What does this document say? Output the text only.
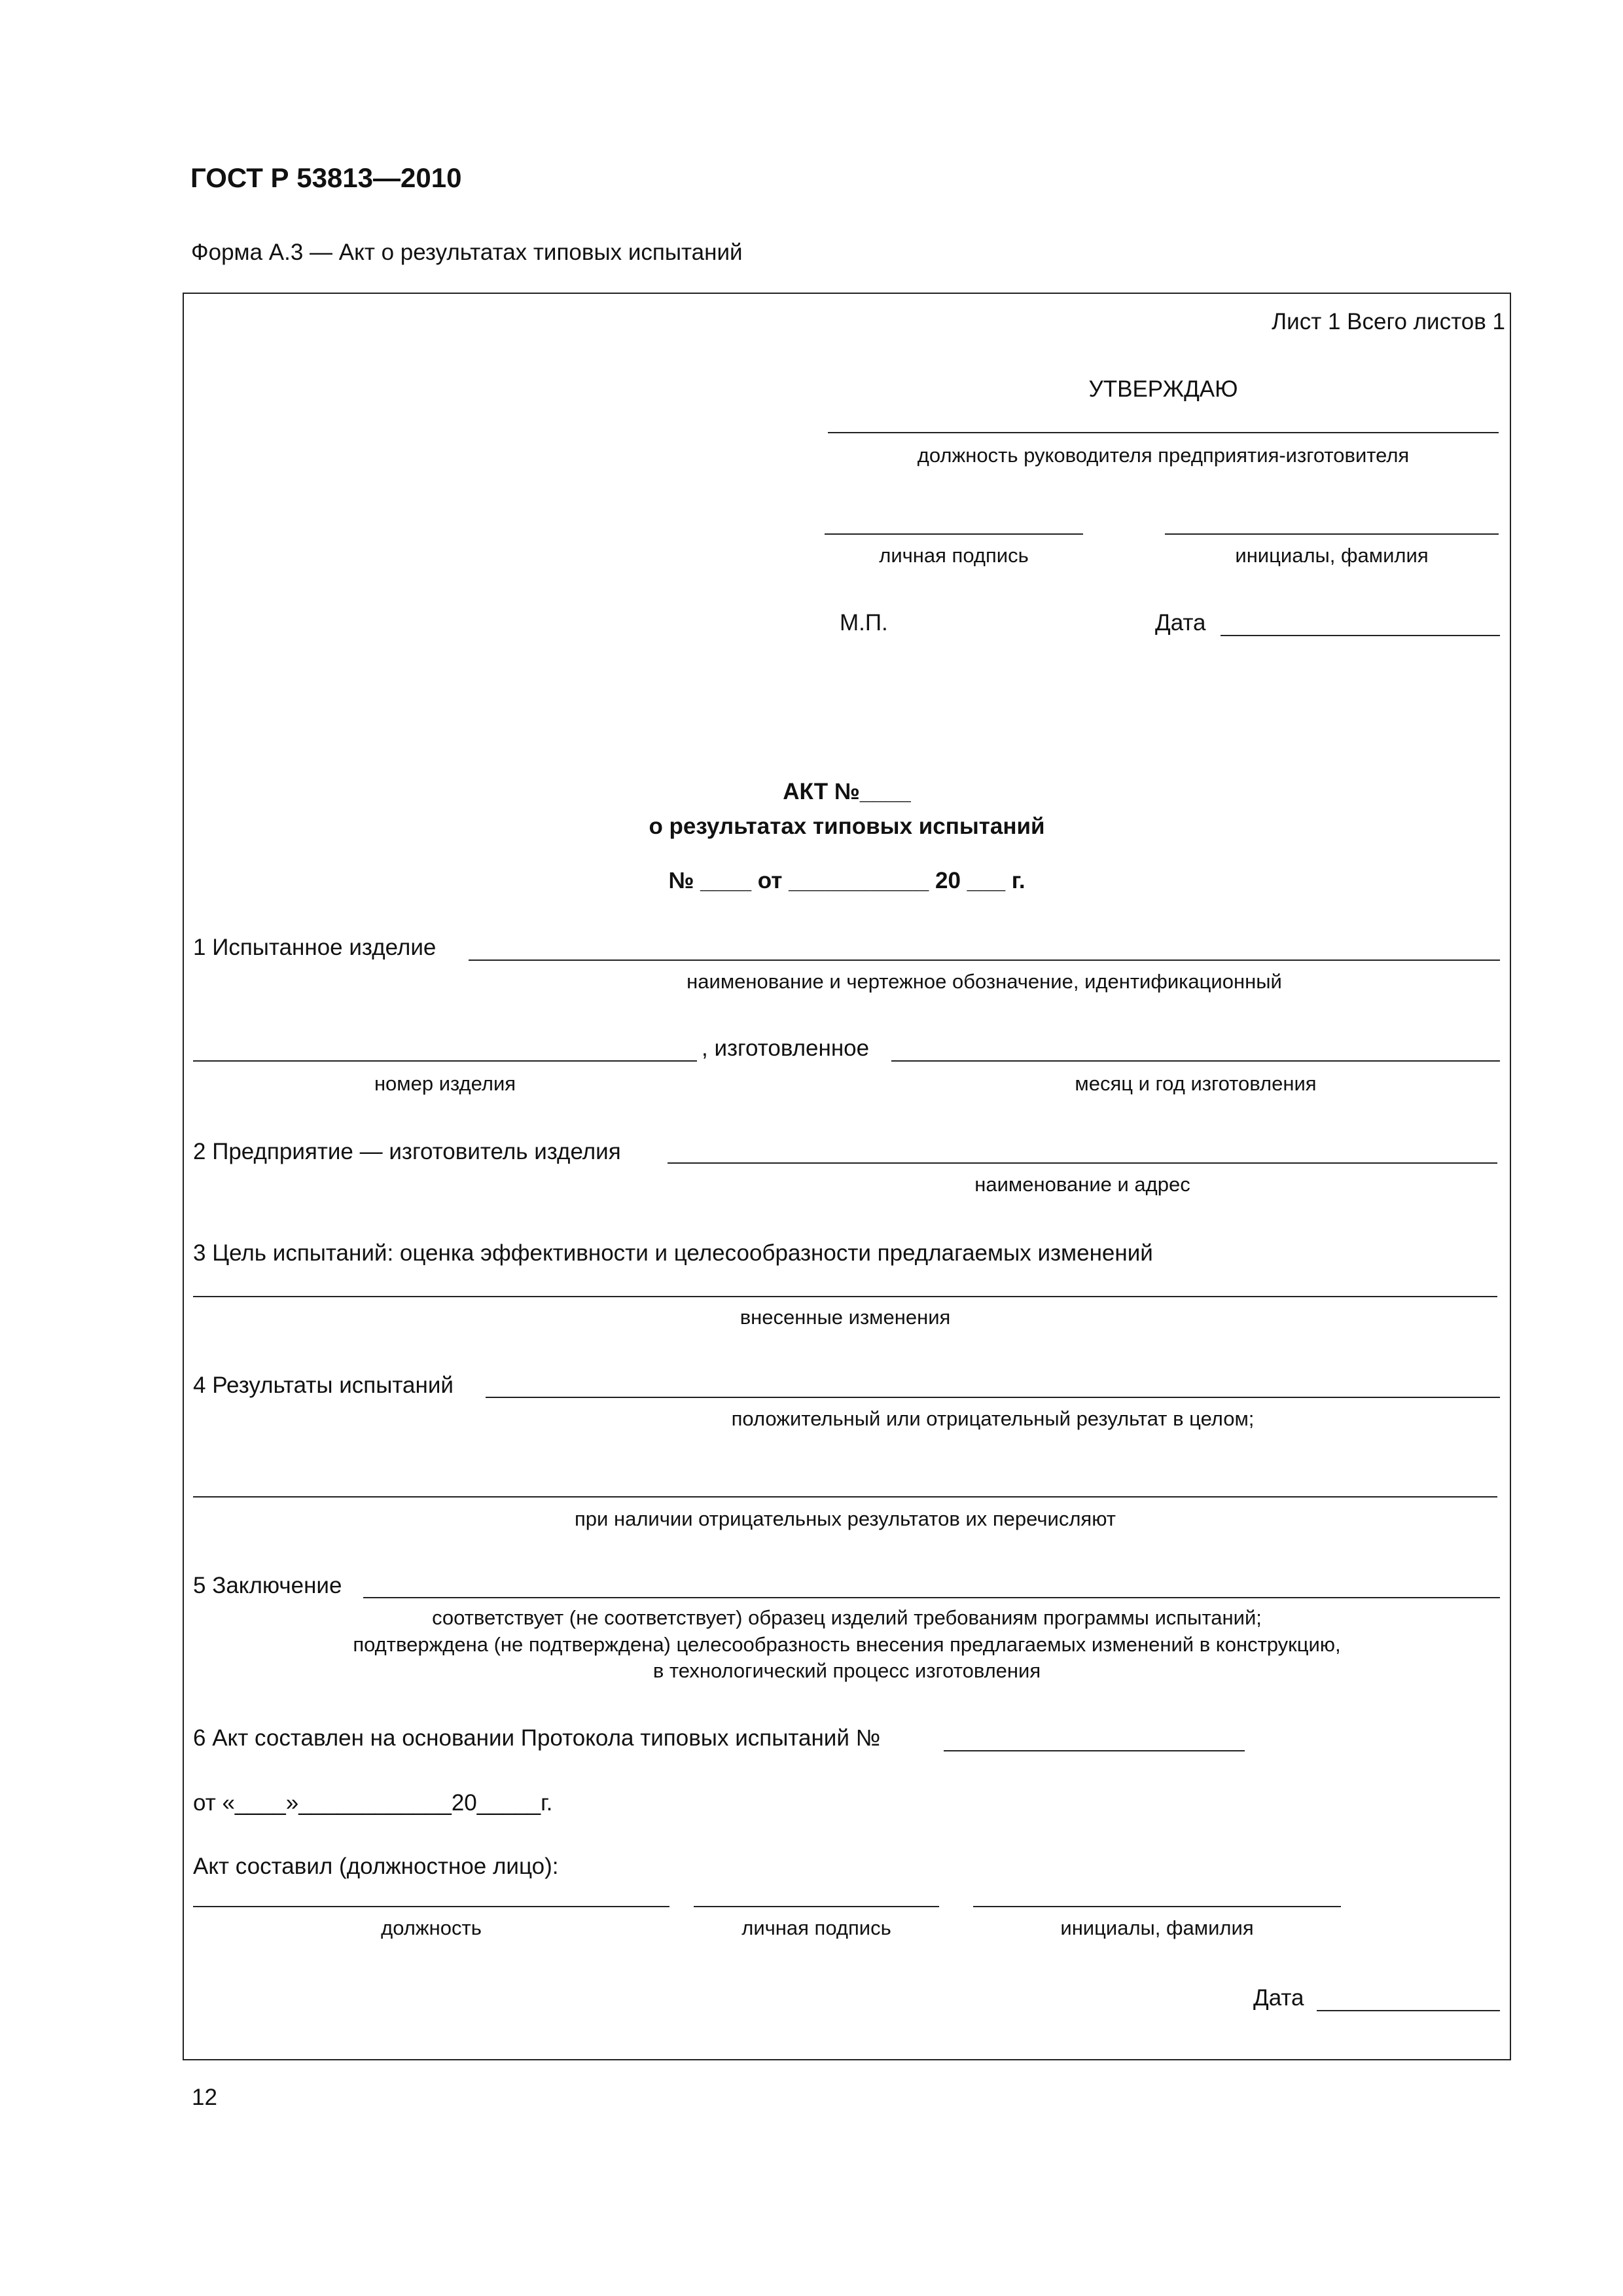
ГОСТ Р 53813—2010
Форма А.3 — Акт о результатах типовых испытаний
Лист 1 Всего листов 1
УТВЕРЖДАЮ
должность руководителя предприятия-изготовителя
личная подпись	инициалы, фамилия
М.П.	Дата
АКТ №____
о результатах типовых испытаний
№ ____ от ___________ 20 ___ г.
1 Испытанное изделие
наименование и чертежное обозначение, идентификационный
, изготовленное
номер изделия	месяц и год изготовления
2 Предприятие — изготовитель изделия
наименование и адрес
3 Цель испытаний: оценка эффективности и целесообразности предлагаемых изменений
внесенные изменения
4 Результаты испытаний
положительный или отрицательный результат в целом;
при наличии отрицательных результатов их перечисляют
5 Заключение
соответствует (не соответствует) образец изделий требованиям программы испытаний;
подтверждена (не подтверждена) целесообразность внесения предлагаемых изменений в конструкцию,
в технологический процесс изготовления
6 Акт составлен на основании Протокола типовых испытаний №
от «____»____________20_____г.
Акт составил (должностное лицо):
должность	личная подпись	инициалы, фамилия
Дата
12
